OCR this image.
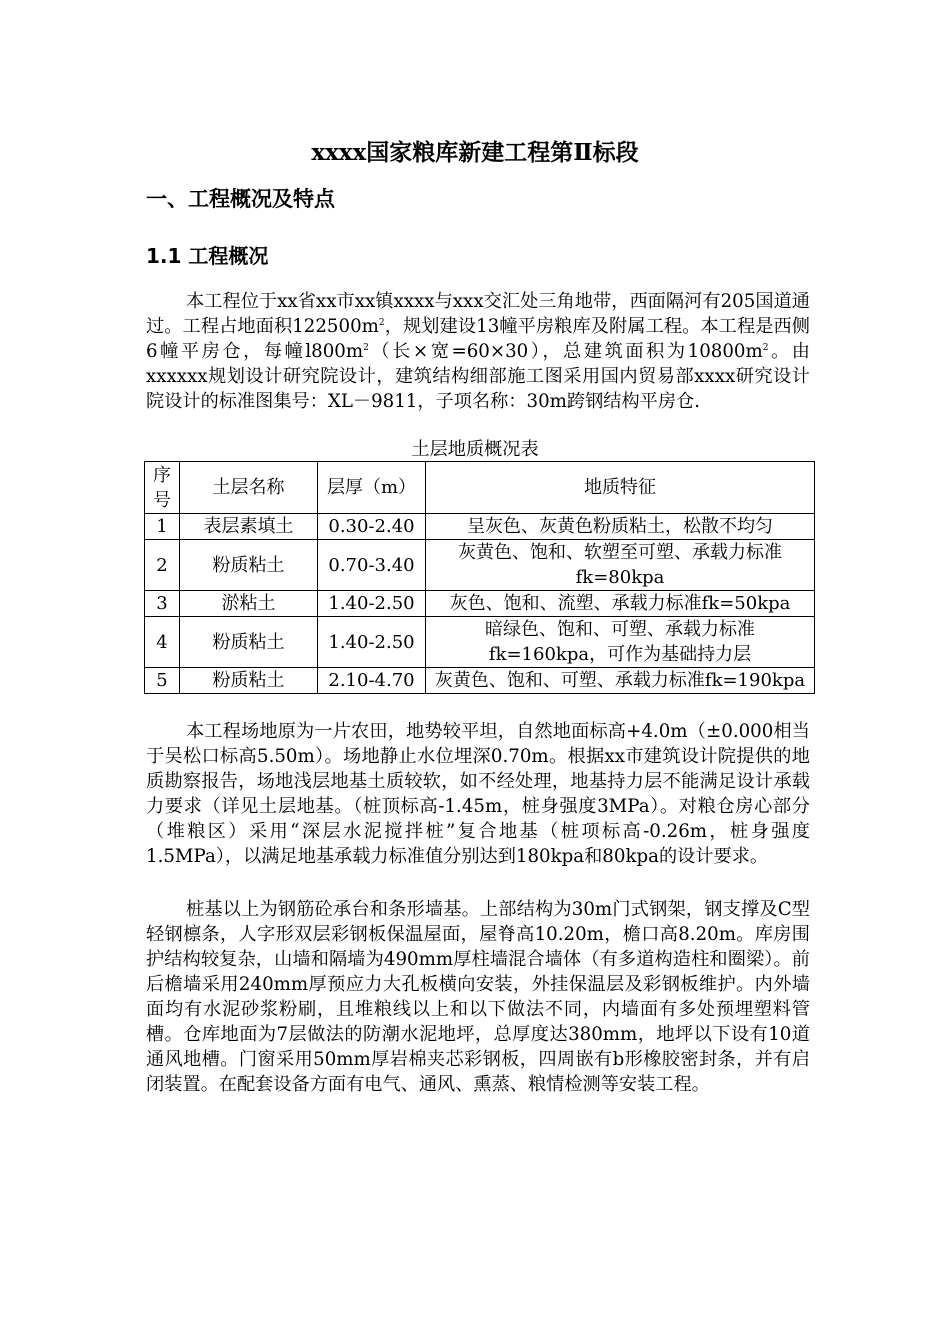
xxxx国家粮库新建工程第Ⅱ标段
一、工程概况及特点
1.1 工程概况

本工程位于xx省xx市xx镇xxxx与xxx交汇处三角地带，西面隔河有205国道通过。工程占地面积$122500m^2$，规划建设13幢平房粮库及附属工程。本工程是西侧6幢平房仓，每幢$l800m^2$（长×宽=60×30），总建筑面积为$10800m^2$。由xxxxxx规划设计研究院设计，建筑结构细部施工图采用国内贸易部xxxx研究设计院设计的标准图集号：XL－9811，子项名称：30m跨钢结构平房仓.

土层地质概况表
序号	土层名称	层厚（m）	地质特征
1	表层素填土	0.30-2.40	呈灰色、灰黄色粉质粘土，松散不均匀
2	粉质粘土	0.70-3.40	灰黄色、饱和、软塑至可塑、承载力标准fk=80kpa
3	淤粘土	1.40-2.50	灰色、饱和、流塑、承载力标准fk=50kpa
4	粉质粘土	1.40-2.50	暗绿色、饱和、可塑、承载力标准fk=160kpa，可作为基础持力层
5	粉质粘土	2.10-4.70	灰黄色、饱和、可塑、承载力标准fk=190kpa

本工程场地原为一片农田，地势较平坦，自然地面标高+4.0m（±0.000相当于吴松口标高5.50m）。场地静止水位埋深0.70m。根据xx市建筑设计院提供的地质勘察报告，场地浅层地基土质较软，如不经处理，地基持力层不能满足设计承载力要求（详见土层地基。（桩顶标高-1.45m，桩身强度3MPa）。对粮仓房心部分（堆粮区）采用“深层水泥搅拌桩”复合地基（桩项标高-0.26m，桩身强度1.5MPa），以满足地基承载力标准值分别达到180kpa和80kpa的设计要求。

桩基以上为钢筋砼承台和条形墙基。上部结构为30m门式钢架，钢支撑及C型轻钢檩条，人字形双层彩钢板保温屋面，屋脊高10.20m，檐口高8.20m。库房围护结构较复杂，山墙和隔墙为490mm厚柱墙混合墙体（有多道构造柱和圈梁）。前后檐墙采用240mm厚预应力大孔板横向安装，外挂保温层及彩钢板维护。内外墙面均有水泥砂浆粉刷，且堆粮线以上和以下做法不同，内墙面有多处预埋塑料管槽。仓库地面为7层做法的防潮水泥地坪，总厚度达380mm，地坪以下设有10道通风地槽。门窗采用50mm厚岩棉夹芯彩钢板，四周嵌有b形橡胶密封条，并有启闭装置。在配套设备方面有电气、通风、熏蒸、粮情检测等安装工程。
